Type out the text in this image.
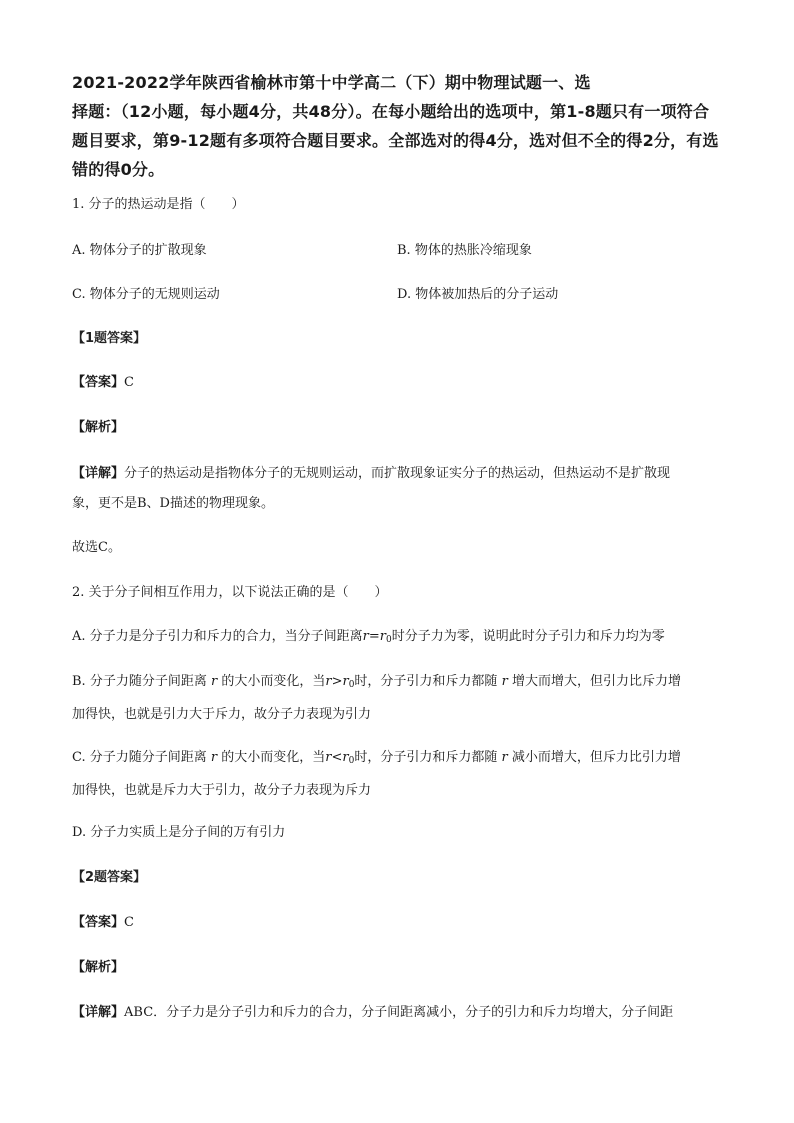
2021-2022学年陕西省榆林市第十中学高二（下）期中物理试题一、选
择题：（12小题，每小题4分，共48分）。在每小题给出的选项中，第1-8题只有一项符合
题目要求，第9-12题有多项符合题目要求。全部选对的得4分，选对但不全的得2分，有选
错的得0分。
1. 分子的热运动是指（　　）
A. 物体分子的扩散现象	B. 物体的热胀冷缩现象
C. 物体分子的无规则运动	D. 物体被加热后的分子运动
【1题答案】
【答案】C
【解析】
【详解】分子的热运动是指物体分子的无规则运动，而扩散现象证实分子的热运动，但热运动不是扩散现
象，更不是B、D描述的物理现象。
故选C。
2. 关于分子间相互作用力，以下说法正确的是（　　）
A. 分子力是分子引力和斥力的合力，当分子间距离$r=r_0$时分子力为零，说明此时分子引力和斥力均为零
B. 分子力随分子间距离 r 的大小而变化，当$r>r_0$时，分子引力和斥力都随 r 增大而增大，但引力比斥力增
加得快，也就是引力大于斥力，故分子力表现为引力
C. 分子力随分子间距离 r 的大小而变化，当$r<r_0$时，分子引力和斥力都随 r 减小而增大，但斥力比引力增
加得快，也就是斥力大于引力，故分子力表现为斥力
D. 分子力实质上是分子间的万有引力
【2题答案】
【答案】C
【解析】
【详解】ABC．分子力是分子引力和斥力的合力，分子间距离减小，分子的引力和斥力均增大，分子间距
